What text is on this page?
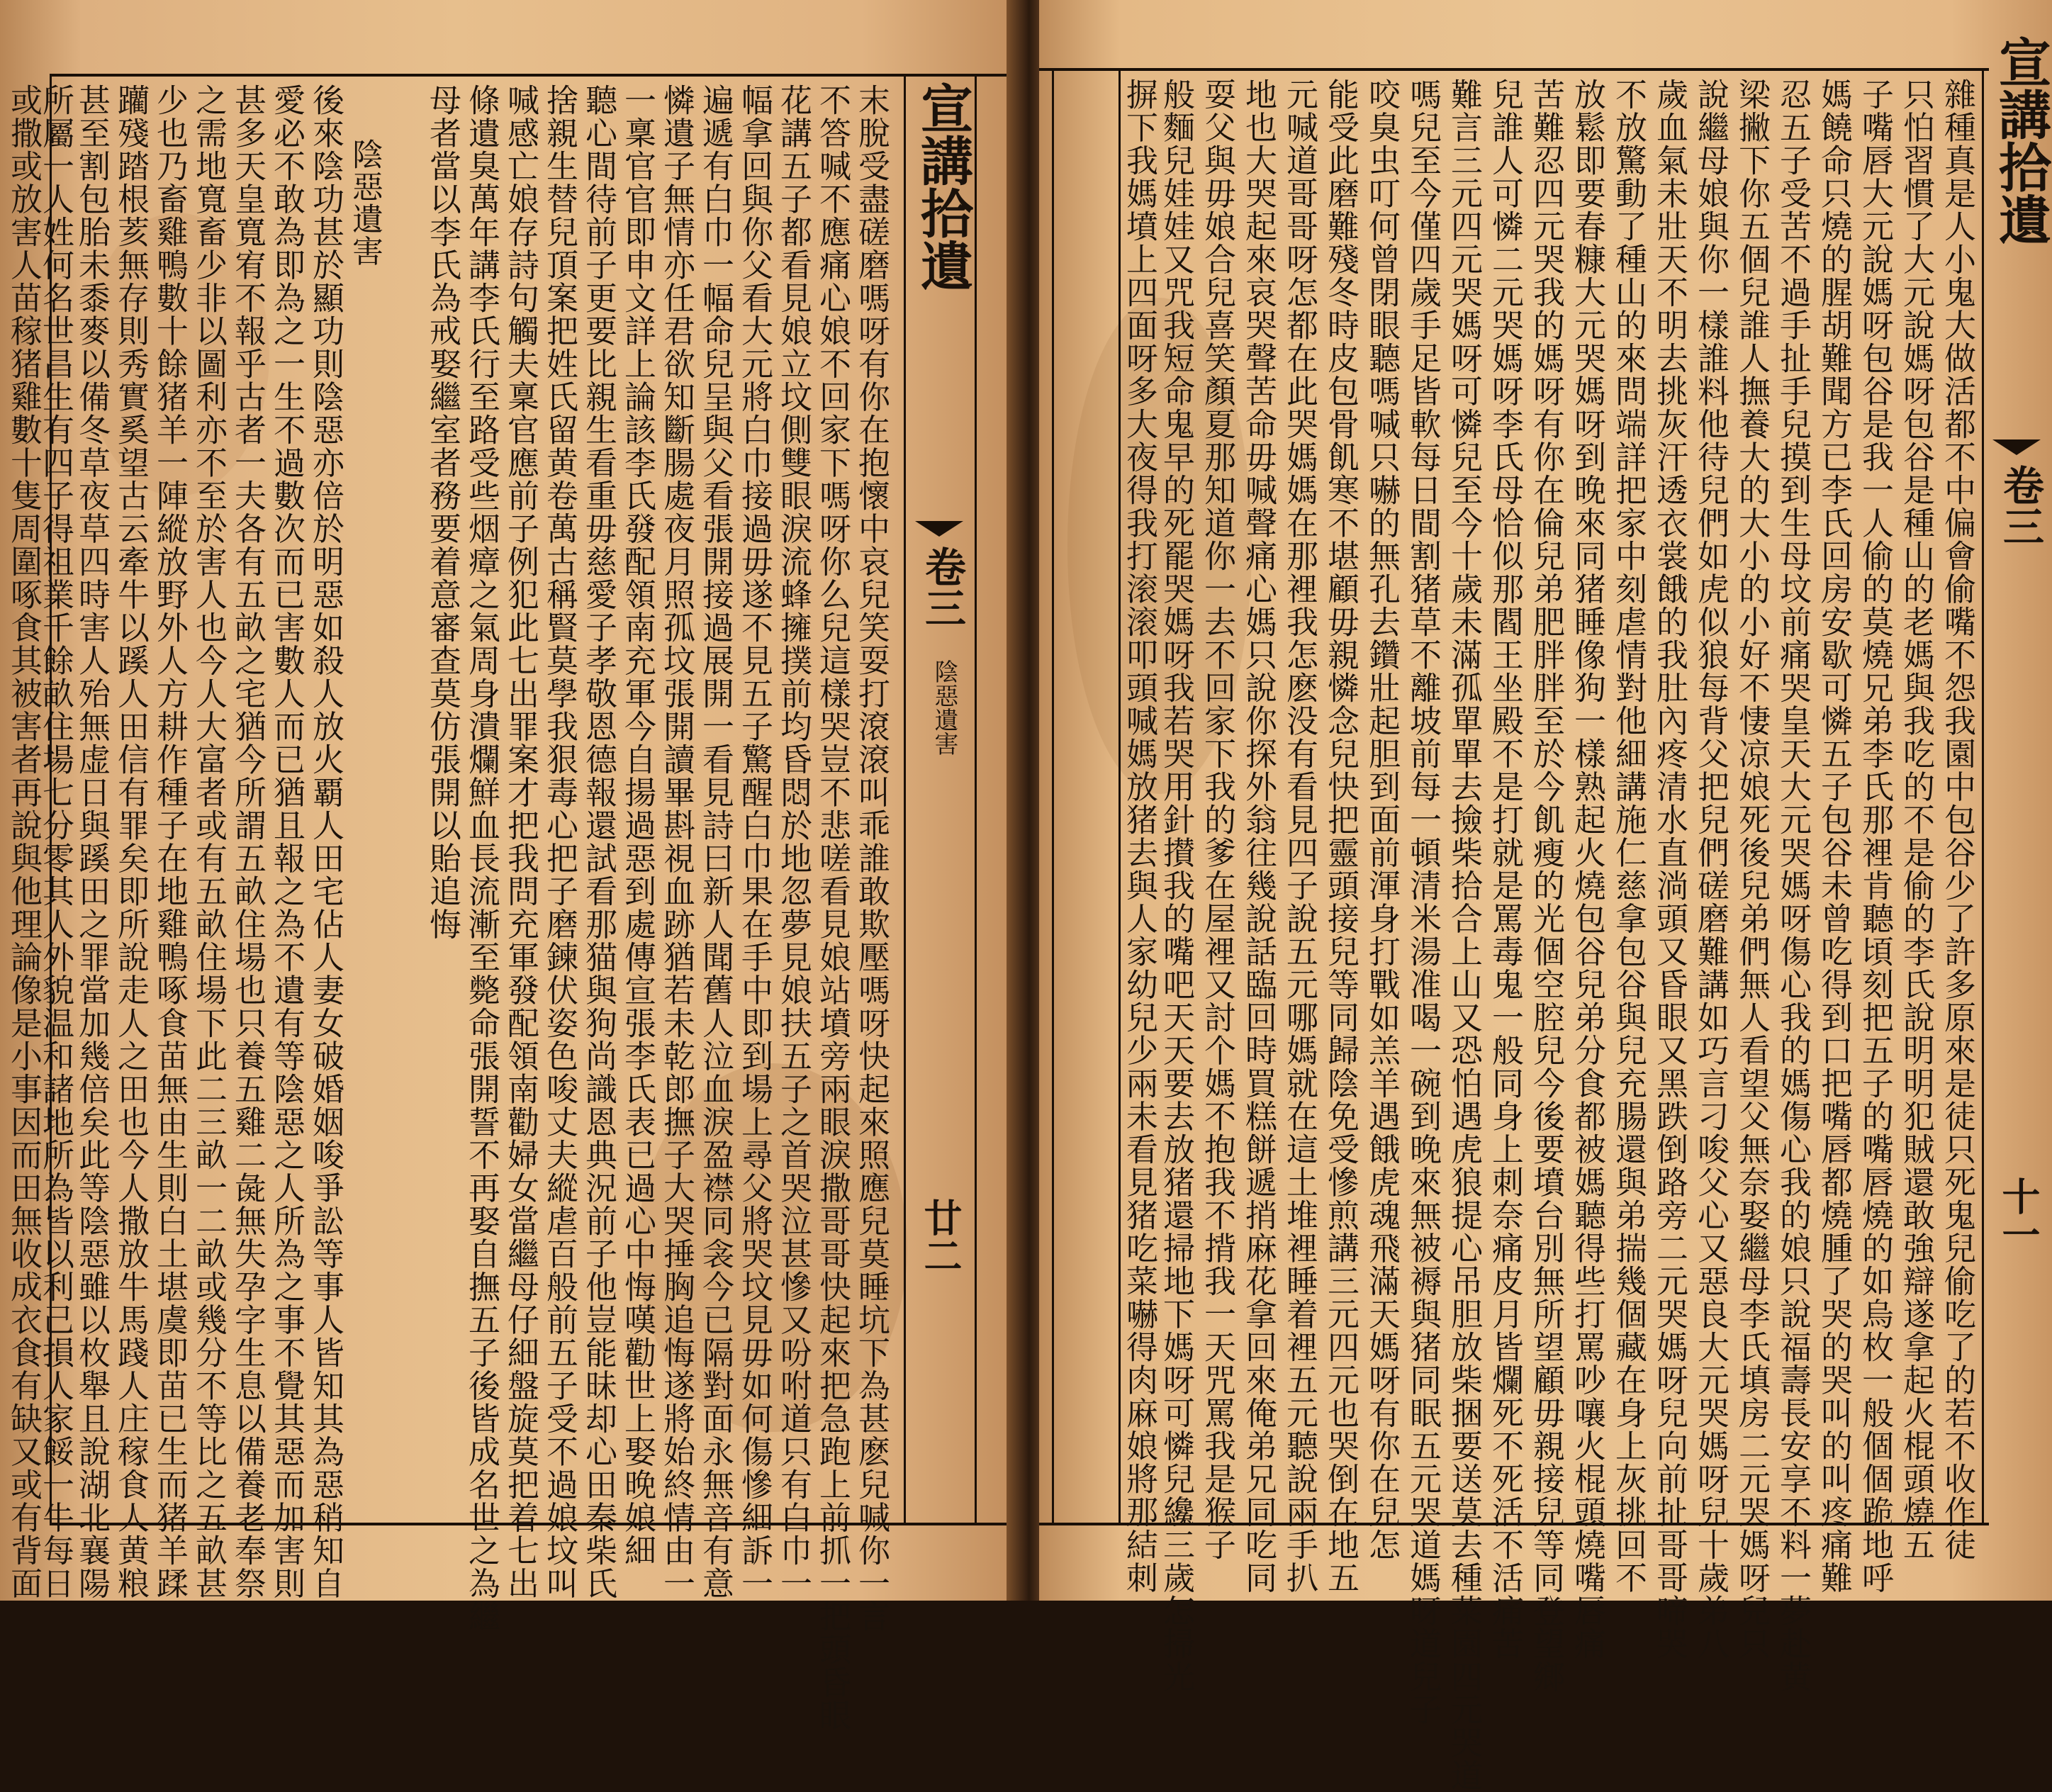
宣講拾遺
卷三
陰惡遺害
廿二
末脫受盡磋磨嗎呀有你在抱懷中哀兒笑耍打滾滾叫乖誰敢欺壓嗎呀快起來照應兒莫睡坑下為甚麽兒喊你一言
不答喊不應痛心娘不回家下嗎呀你么兒這樣哭豈不悲嗟看見娘站墳旁兩眼淚撒哥哥快起來把急跑上前抓一把頭昏眼
花講五子都看見娘立坟側雙眼淚流蜂擁撲前均昏悶於地忽夢見娘扶五子之首哭泣甚慘又吩咐道只有白巾一
幅拿回與你父看大元將白巾接過毋遂不見五子驚醒白巾果在手中即到場上尋父將哭坟見毋如何傷慘細訴一
遍遞有白巾一幅命兒呈與父看張開接過展開一看見詩曰新人聞舊人泣血淚盈襟同衾今已隔對面永無音有意
憐遺子無情亦任君欲知斷腸處夜月照孤坟張開讀畢斟視血跡猶若未乾郎撫子大哭捶胸追悔遂將始終情由一
一稟官官即申文詳上論該李氏發配領南充軍今自揚過惡到處傳宣張李氏表已過心中悔嘆勸世上娶晚娘細
聽心間待前子更要比親生看重毋慈愛子孝敬恩德報還試看那猫與狗尚識恩典況前子他豈能昧却心田秦柴氏
捨親生替兒頂案把姓氏留黄卷萬古稱賢莫學我狠毒心把子磨鍊伏姿色唆丈夫縱虐百般前五子受不過娘坟叫
喊感亡娘存詩句觸夫稟官應前子例犯此七出罪案才把我問充軍發配領南勸婦女當繼母仔細盤旋莫把着七出
條遺臭萬年講李氏行至路受些烟瘴之氣周身潰爛鮮血長流漸至斃命張開誓不再娶自撫五子後皆成名世之為繼
母者當以李氏為戒娶繼室者務要着意審查莫仿張開以貽追悔
陰惡遺害
後來陰功甚於顯功則陰惡亦倍於明惡如殺人放火覇人田宅佔人妻女破婚姻唆爭訟等事人皆知其為惡稍知自
愛必不敢為即為之一生不過數次而已害數人而已猶且報之為不遺有等陰惡之人所為之事不覺其惡而加害則
甚多天皇寬宥不報乎古者一夫各有五畝之宅猶今所謂五畝住場也只養五雞二彘無失孕字生息以備養老奉祭
之需地寬畜少非以圖利亦不至於害人也今人大富者或有五畝住場下此二三畝一二畝或幾分不等比之五畝甚
少也乃畜雞鴨數十餘猪羊一陣縱放野外人方耕作種子在地雞鴨啄食苗無由生則白土堪虞即苗已生而猪羊蹂
躪殘踏根荄無存則秀實奚望古云牽牛以蹊人田信有罪矣即所說走人之田也今人撒放牛馬踐人庄稼食人黄粮
甚至割包胎未黍麥以備冬草夜草四時害人殆無虚日與蹊田之罪當加幾倍矣此等陰惡雖以枚舉且說湖北襄陽
所屬一人姓何名世昌生有四子得祖業千餘畝住場七分零其人外貌温和諸地所為皆以利己損人家餒一牛每日
或撒或放害人苗稼猪雞數十隻周圍啄食其被害者再說與他理論像是小事因而田無收成衣食有缺又或有背面	宣講拾遺
卷三
十一
雜種真是人小鬼大做活都不中偏會偷嘴不怨我園中包谷少了許多原來是徒只死鬼兒偷吃了的若不收作徒
只怕習慣了大元說媽呀包谷是種山的老媽與我吃的不是偷的李氏說明明犯賊還敢強辯遂拿起火棍頭燒五
子嘴唇大元說媽呀包谷是我一人偷的莫燒兄弟李氏那裡肯聽頃刻把五子的嘴唇燒的如烏枚一般個個跪地呼
媽饒命只燒的腥胡難聞方已李氏回房安歇可憐五子包谷未曾吃得到口把嘴唇都燒腫了哭的哭叫的叫疼痛難
忍五子受苦不過手扯手兒摸到生母坟前痛哭皇天大元哭媽呀傷心我的媽傷心我的娘只說福壽長安享不料一夢赴黄
梁撇下你五個兒誰人撫養大的大小的小好不悽凉娘死後兒弟們無人看望父無奈娶繼母李氏填房二元哭媽呀兒只
說繼母娘與你一樣誰料他待兒們如虎似狼每背父把兒們磋磨難講如巧言刁唆父心又惡良大元哭媽呀兒十歲弟八
歲血氣未壯天不明去挑灰汗透衣裳餓的我肚內疼清水直淌頭又昏眼又黑跌倒路旁二元哭媽呀兒向前扯哥哥啼哭
不放驚動了種山的來問端詳把家中刻虐情對他細講施仁慈拿包谷與兒充腸還與弟揣幾個藏在身上灰挑回不
放鬆即要春糠大元哭媽呀到晚來同猪睡像狗一樣熟起火燒包谷兒弟分食都被媽聽得些打罵吵嚷火棍頭燒嘴唇痛
苦難忍四元哭我的媽呀有你在倫兒弟肥胖胖至於今飢瘦的光個空腔兒今後要墳台別無所望顧毋親接兒等同登望鄉
兒誰人可憐二元哭媽呀李氏母恰似那閻王坐殿不是打就是罵毒鬼一般同身上刺奈痛皮月皆爛死不死活不活痛苦
難言三元四元哭媽呀可憐兒至今十歲未滿孤單單去撿柴拾合上山又恐怕遇虎狼提心吊胆放柴捆要送莫去種菜園四元哭道
嗎兒至今僅四歲手足皆軟每日間割猪草不離坡前每一頓清米湯准喝一碗到晚來無被褥與猪同眠五元哭道媽呀道兒子
咬臭虫叮何曾閉眼聽嗎喊只嚇的無孔去鑽壯起胆到面前渾身打戰如羔羊遇餓虎魂飛滿天媽呀有你在兒怎
能受此磨難殘冬時皮包骨飢寒不堪顧毋親憐念兒快把靈頭接兒等同歸陰免受慘煎講三元四元也哭倒在地五
元喊道哥哥呀怎都在此哭媽媽在那裡我怎麽没有看見四子說五元哪媽就在這土堆裡睡着裡五元聽說兩手扒
地也大哭起來哀哭聲苦命毋喊聲痛心媽只說你探外翁往幾說話臨回時買糕餅遞捎麻花拿回來俺弟兄同吃同
耍父與毋娘合兒喜笑顏夏那知道你一去不回家下我的爹在屋裡又討个媽不抱我不揹我一天咒罵我是猴子
般麵兒娃娃又咒我短命鬼早的死罷哭媽呀我若哭用針攅我的嘴吧天天要去放猪還掃地下媽呀可憐兒纔三歲怎掃光
摒下我媽墳上四面呀多大夜得我打滚滚叩頭喊媽放猪去與人家幼兒少兩未看見猪吃菜嚇得肉麻娘將那結刺
